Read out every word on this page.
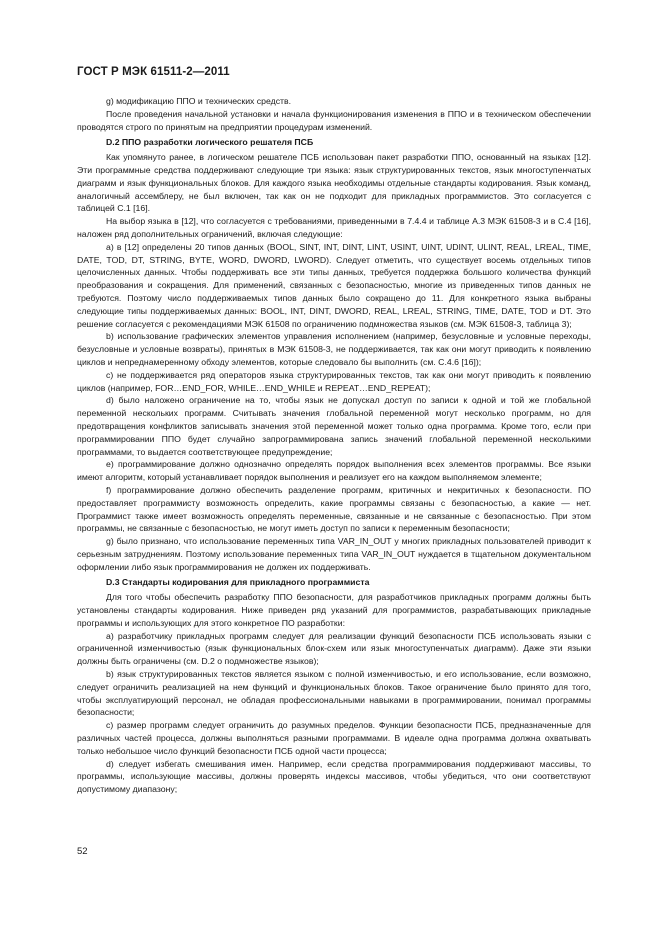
ГОСТ Р МЭК 61511-2—2011

g) модификацию ППО и технических средств.

После проведения начальной установки и начала функционирования изменения в ППО и в техническом обеспечении проводятся строго по принятым на предприятии процедурам изменений.

D.2 ППО разработки логического решателя ПСБ

Как упомянуто ранее, в логическом решателе ПСБ использован пакет разработки ППО, основанный на языках [12]. Эти программные средства поддерживают следующие три языка: язык структурированных текстов, язык многоступенчатых диаграмм и язык функциональных блоков. Для каждого языка необходимы отдельные стандарты кодирования. Язык команд, аналогичный ассемблеру, не был включен, так как он не подходит для прикладных программистов. Это согласуется с таблицей С.1 [16].

На выбор языка в [12], что согласуется с требованиями, приведенными в 7.4.4 и таблице А.3 МЭК 61508-3 и в С.4 [16], наложен ряд дополнительных ограничений, включая следующие:

a) в [12] определены 20 типов данных (BOOL, SINT, INT, DINT, LINT, USINT, UINT, UDINT, ULINT, REAL, LREAL, TIME, DATE, TOD, DT, STRING, BYTE, WORD, DWORD, LWORD). Следует отметить, что существует восемь отдельных типов целочисленных данных. Чтобы поддерживать все эти типы данных, требуется поддержка большого количества функций преобразования и сокращения. Для применений, связанных с безопасностью, многие из приведенных типов данных не требуются. Поэтому число поддерживаемых типов данных было сокращено до 11. Для конкретного языка выбраны следующие типы поддерживаемых данных: BOOL, INT, DINT, DWORD, REAL, LREAL, STRING, TIME, DATE, TOD и DT. Это решение согласуется с рекомендациями МЭК 61508 по ограничению подмножества языков (см. МЭК 61508-3, таблица 3);

b) использование графических элементов управления исполнением (например, безусловные и условные переходы, безусловные и условные возвраты), принятых в МЭК 61508-3, не поддерживается, так как они могут приводить к появлению циклов и непреднамеренному обходу элементов, которые следовало бы выполнить (см. С.4.6 [16]);

c) не поддерживается ряд операторов языка структурированных текстов, так как они могут приводить к появлению циклов (например, FOR…END_FOR, WHILE…END_WHILE и REPEAT…END_REPEAT);

d) было наложено ограничение на то, чтобы язык не допускал доступ по записи к одной и той же глобальной переменной нескольких программ. Считывать значения глобальной переменной могут несколько программ, но для предотвращения конфликтов записывать значения этой переменной может только одна программа. Кроме того, если при программировании ППО будет случайно запрограммирована запись значений глобальной переменной несколькими программами, то выдается соответствующее предупреждение;

e) программирование должно однозначно определять порядок выполнения всех элементов программы. Все языки имеют алгоритм, который устанавливает порядок выполнения и реализует его на каждом выполняемом элементе;

f) программирование должно обеспечить разделение программ, критичных и некритичных к безопасности. ПО предоставляет программисту возможность определить, какие программы связаны с безопасностью, а какие — нет. Программист также имеет возможность определять переменные, связанные и не связанные с безопасностью. При этом программы, не связанные с безопасностью, не могут иметь доступ по записи к переменным безопасности;

g) было признано, что использование переменных типа VAR_IN_OUT у многих прикладных пользователей приводит к серьезным затруднениям. Поэтому использование переменных типа VAR_IN_OUT нуждается в тщательном документальном оформлении либо язык программирования не должен их поддерживать.

D.3 Стандарты кодирования для прикладного программиста

Для того чтобы обеспечить разработку ППО безопасности, для разработчиков прикладных программ должны быть установлены стандарты кодирования. Ниже приведен ряд указаний для программистов, разрабатывающих прикладные программы и использующих для этого конкретное ПО разработки:

a) разработчику прикладных программ следует для реализации функций безопасности ПСБ использовать языки с ограниченной изменчивостью (язык функциональных блок-схем или язык многоступенчатых диаграмм). Даже эти языки должны быть ограничены (см. D.2 о подмножестве языков);

b) язык структурированных текстов является языком с полной изменчивостью, и его использование, если возможно, следует ограничить реализацией на нем функций и функциональных блоков. Такое ограничение было принято для того, чтобы эксплуатирующий персонал, не обладая профессиональными навыками в программировании, понимал программы безопасности;

c) размер программ следует ограничить до разумных пределов. Функции безопасности ПСБ, предназначенные для различных частей процесса, должны выполняться разными программами. В идеале одна программа должна охватывать только небольшое число функций безопасности ПСБ одной части процесса;

d) следует избегать смешивания имен. Например, если средства программирования поддерживают массивы, то программы, использующие массивы, должны проверять индексы массивов, чтобы убедиться, что они соответствуют допустимому диапазону;

52
